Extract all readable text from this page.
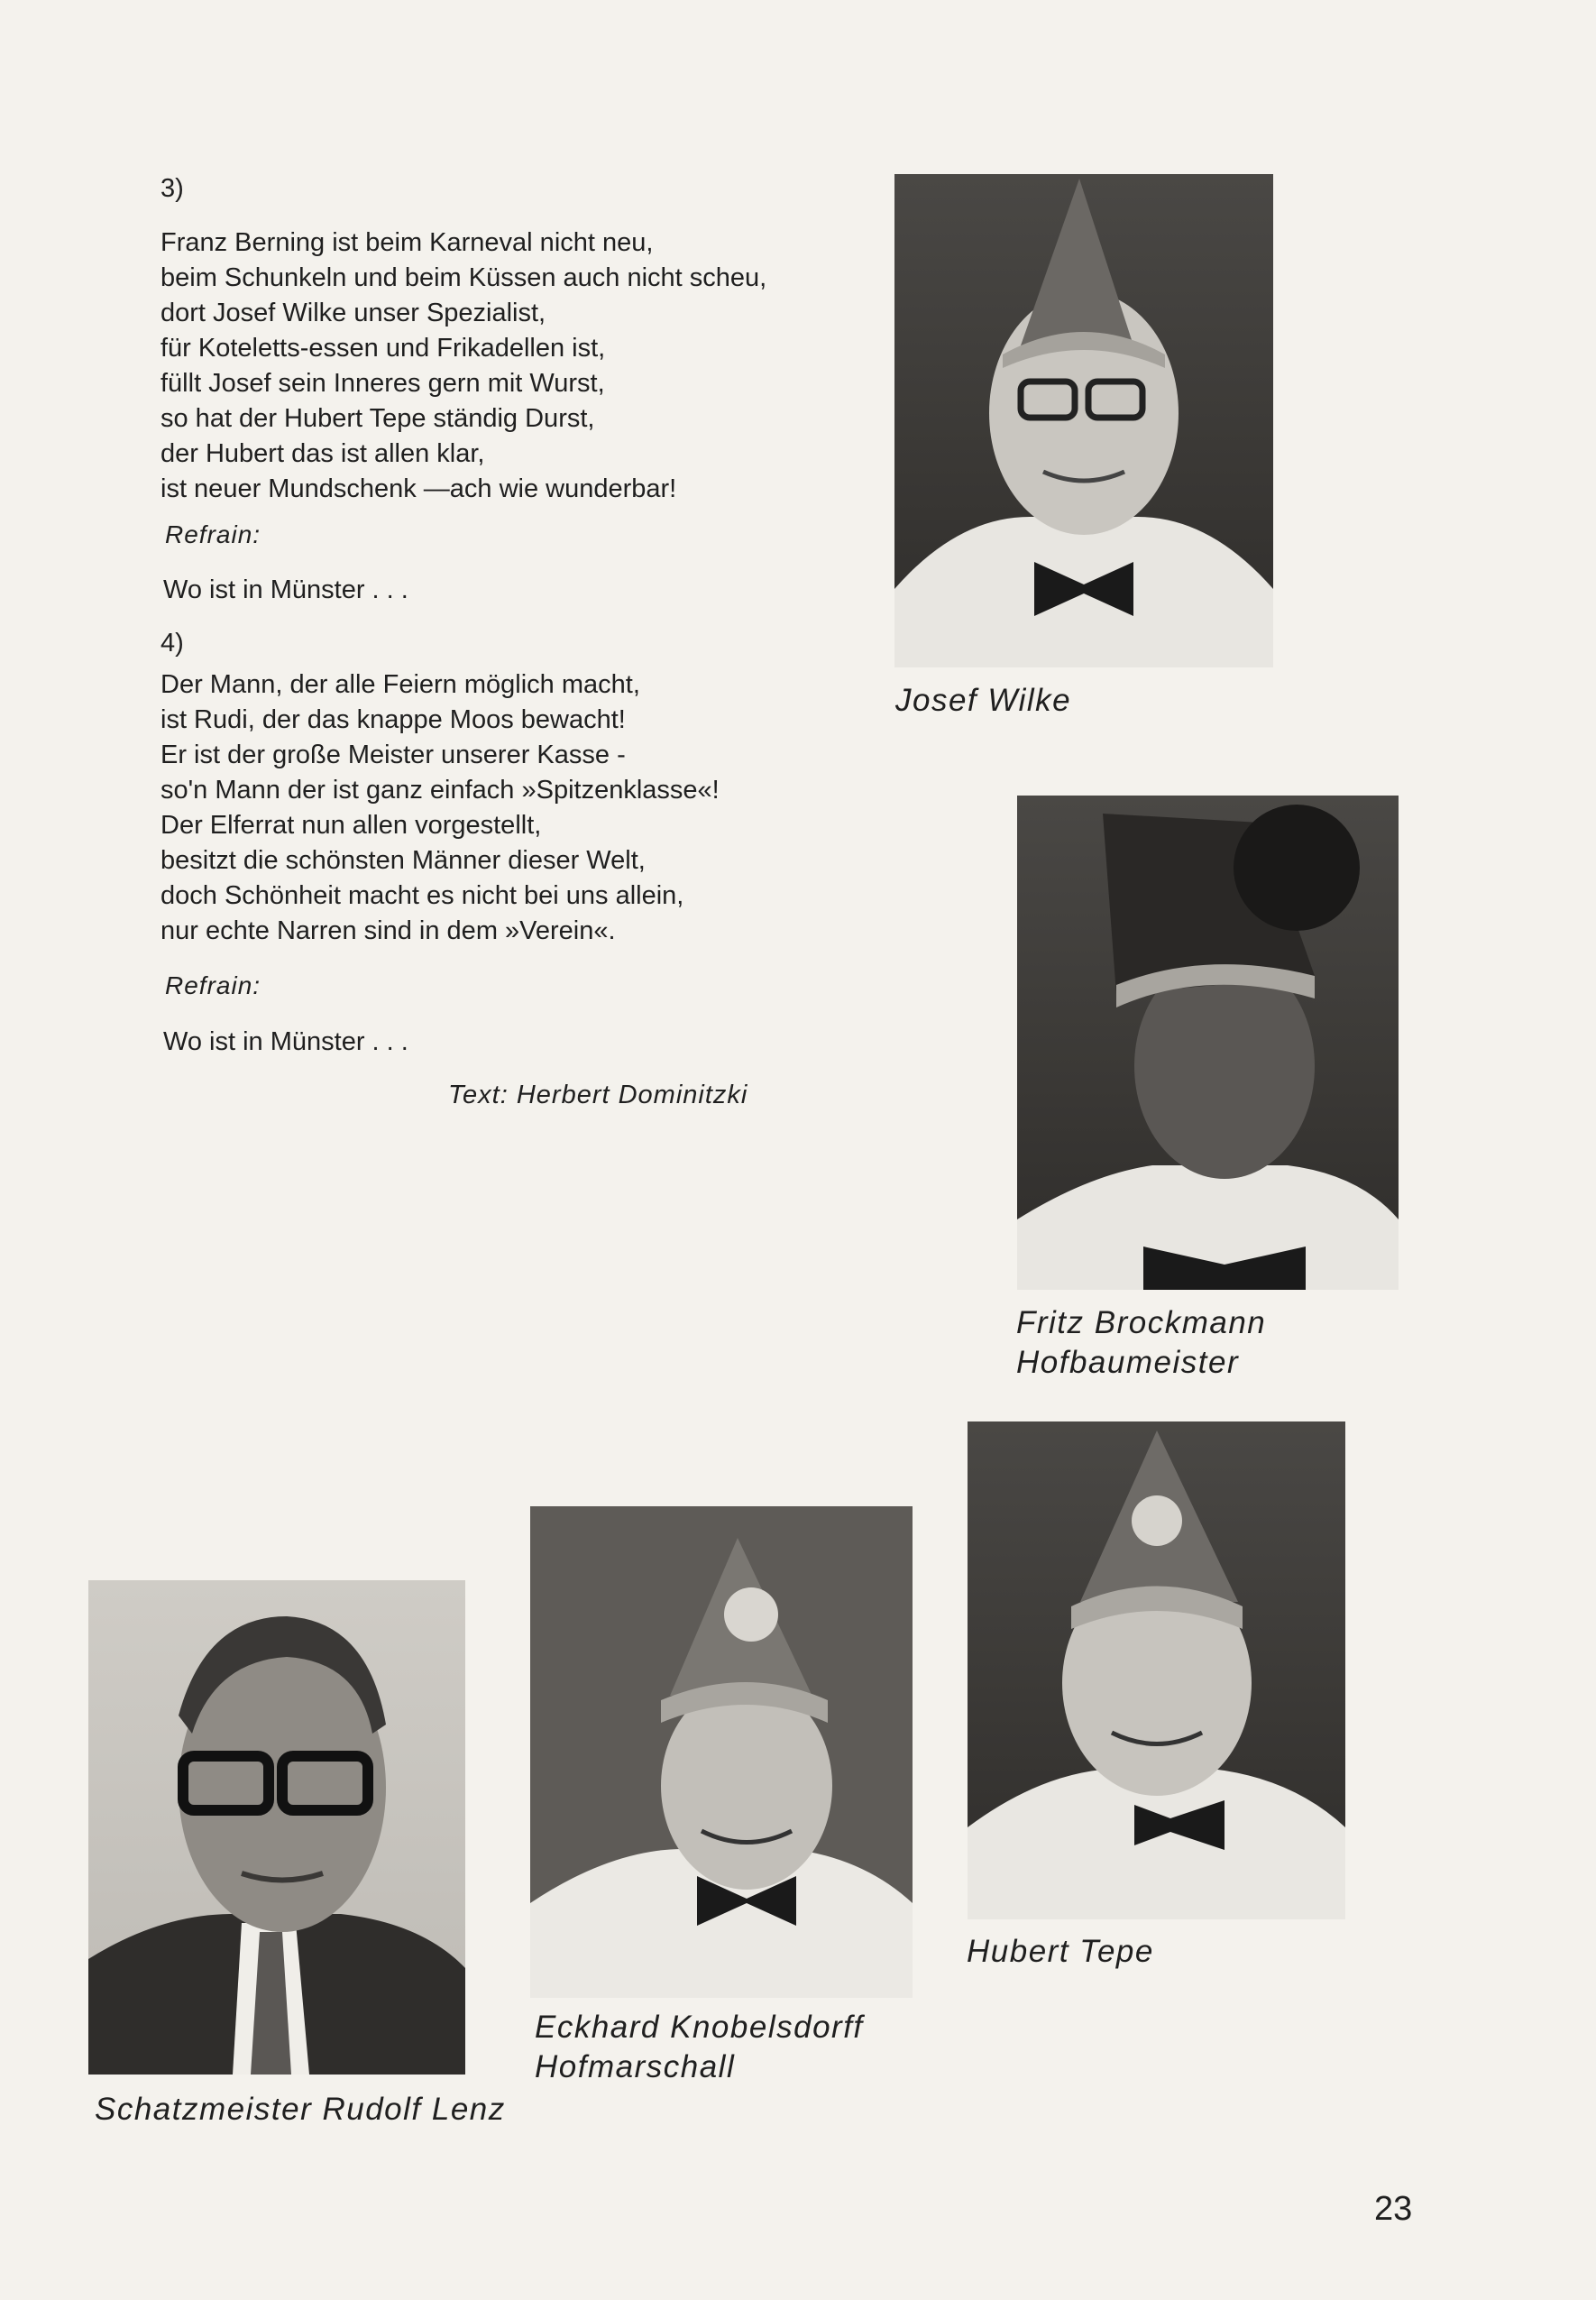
3)
Franz Berning ist beim Karneval nicht neu,
beim Schunkeln und beim Küssen auch nicht scheu,
dort Josef Wilke unser Spezialist,
für Koteletts-essen und Frikadellen ist,
füllt Josef sein Inneres gern mit Wurst,
so hat der Hubert Tepe ständig Durst,
der Hubert das ist allen klar,
ist neuer Mundschenk —ach wie wunderbar!
Refrain:
Wo ist in Münster . . .
4)
Der Mann, der alle Feiern möglich macht,
ist Rudi, der das knappe Moos bewacht!
Er ist der große Meister unserer Kasse -
so'n Mann der ist ganz einfach »Spitzenklasse«!
Der Elferrat nun allen vorgestellt,
besitzt die schönsten Männer dieser Welt,
doch Schönheit macht es nicht bei uns allein,
nur echte Narren sind in dem »Verein«.
Refrain:
Wo ist in Münster . . .
Text: Herbert Dominitzki
Josef Wilke
Fritz Brockmann
Hofbaumeister
Schatzmeister Rudolf Lenz
Eckhard Knobelsdorff
Hofmarschall
Hubert Tepe
23
